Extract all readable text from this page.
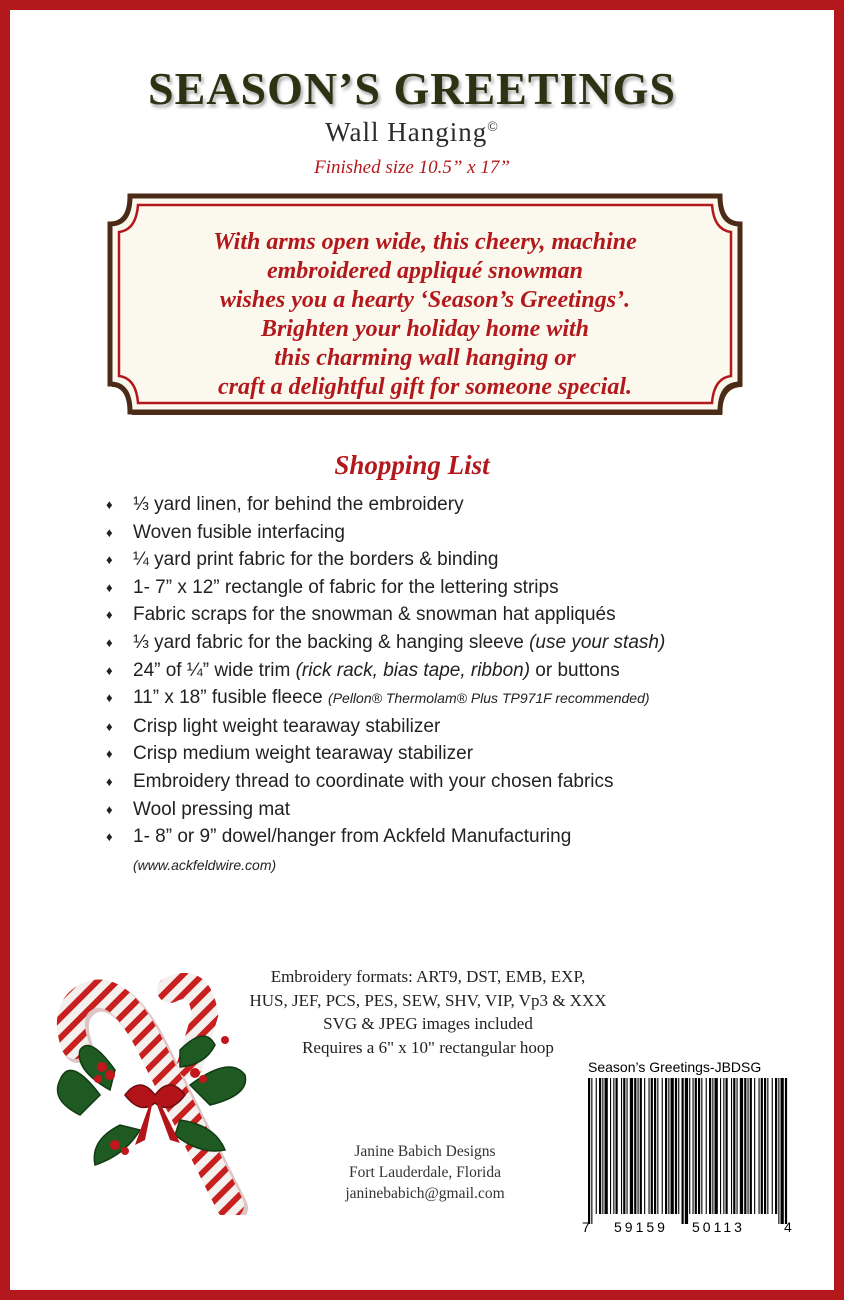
SEASON’S GREETINGS
Wall Hanging©
Finished size 10.5” x 17”
With arms open wide, this cheery, machine
embroidered appliqué snowman
wishes you a hearty ‘Season’s Greetings’.
Brighten your holiday home with
this charming wall hanging or
craft a delightful gift for someone special.
Shopping List
♦ ⅓ yard linen, for behind the embroidery
♦ Woven fusible interfacing
♦ ¼ yard print fabric for the borders & binding
♦ 1- 7” x 12” rectangle of fabric for the lettering strips
♦ Fabric scraps for the snowman & snowman hat appliqués
♦ ⅓ yard fabric for the backing & hanging sleeve (use your stash)
♦ 24” of ¼” wide trim (rick rack, bias tape, ribbon) or buttons
♦ 11” x 18” fusible fleece (Pellon® Thermolam® Plus TP971F recommended)
♦ Crisp light weight tearaway stabilizer
♦ Crisp medium weight tearaway stabilizer
♦ Embroidery thread to coordinate with your chosen fabrics
♦ Wool pressing mat
♦ 1- 8” or 9” dowel/hanger from Ackfeld Manufacturing
(www.ackfeldwire.com)
Embroidery formats: ART9, DST, EMB, EXP,
HUS, JEF, PCS, PES, SEW, SHV, VIP, Vp3 & XXX
SVG & JPEG images included
Requires a 6" x 10" rectangular hoop
Janine Babich Designs
Fort Lauderdale, Florida
janinebabich@gmail.com
Season’s Greetings-JBDSG
7 59159 50113	4
